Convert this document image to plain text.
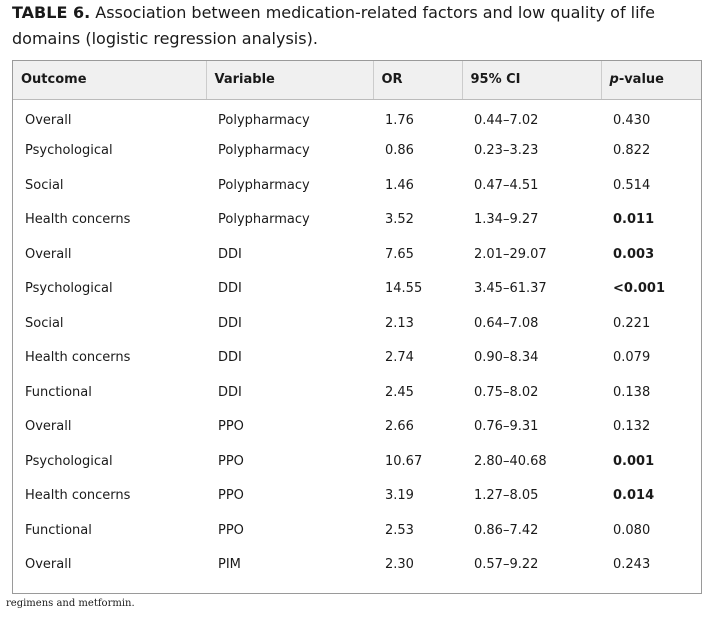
TABLE 6. Association between medication-related factors and low quality of life domains (logistic regression analysis).
Outcome	Variable	OR	95% CI	p-value
Overall	Polypharmacy	1.76	0.44–7.02	0.430
Psychological	Polypharmacy	0.86	0.23–3.23	0.822
Social	Polypharmacy	1.46	0.47–4.51	0.514
Health concerns	Polypharmacy	3.52	1.34–9.27	0.011
Overall	DDI	7.65	2.01–29.07	0.003
Psychological	DDI	14.55	3.45–61.37	<0.001
Social	DDI	2.13	0.64–7.08	0.221
Health concerns	DDI	2.74	0.90–8.34	0.079
Functional	DDI	2.45	0.75–8.02	0.138
Overall	PPO	2.66	0.76–9.31	0.132
Psychological	PPO	10.67	2.80–40.68	0.001
Health concerns	PPO	3.19	1.27–8.05	0.014
Functional	PPO	2.53	0.86–7.42	0.080
Overall	PIM	2.30	0.57–9.22	0.243
regimens and metformin.
